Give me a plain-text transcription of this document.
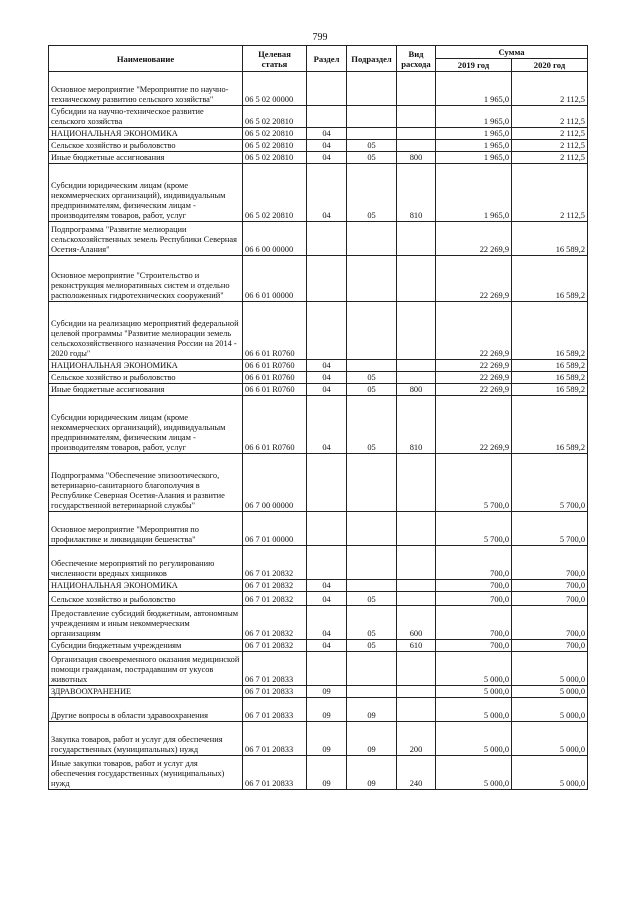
799
Наименование	Целевая статья	Раздел	Подраздел	Вид расхода	Сумма	
					2019 год	2020 год
Основное мероприятие "Мероприятие по научно-техническому развитию сельского хозяйства"	06 5 02 00000				1 965,0	2 112,5
Субсидии на научно-техническое развитие сельского хозяйства	06 5 02 20810				1 965,0	2 112,5
НАЦИОНАЛЬНАЯ ЭКОНОМИКА	06 5 02 20810	04			1 965,0	2 112,5
Сельское хозяйство и рыболовство	06 5 02 20810	04	05		1 965,0	2 112,5
Иные бюджетные ассигнования	06 5 02 20810	04	05	800	1 965,0	2 112,5
Субсидии юридическим лицам (кроме некоммерческих организаций), индивидуальным предпринимателям, физическим лицам - производителям товаров, работ, услуг	06 5 02 20810	04	05	810	1 965,0	2 112,5
Подпрограмма "Развитие мелиорации сельскохозяйственных земель Республики Северная Осетия-Алания"	06 6 00 00000				22 269,9	16 589,2
Основное мероприятие "Строительство и реконструкция мелиоративных систем и отдельно расположенных гидротехнических сооружений"	06 6 01 00000				22 269,9	16 589,2
Субсидии на реализацию мероприятий федеральной целевой программы "Развитие мелиорации земель сельскохозяйственного назначения России на 2014 - 2020 годы"	06 6 01 R0760				22 269,9	16 589,2
НАЦИОНАЛЬНАЯ ЭКОНОМИКА	06 6 01 R0760	04			22 269,9	16 589,2
Сельское хозяйство и рыболовство	06 6 01 R0760	04	05		22 269,9	16 589,2
Иные бюджетные ассигнования	06 6 01 R0760	04	05	800	22 269,9	16 589,2
Субсидии юридическим лицам (кроме некоммерческих организаций), индивидуальным предпринимателям, физическим лицам - производителям товаров, работ, услуг	06 6 01 R0760	04	05	810	22 269,9	16 589,2
Подпрограмма "Обеспечение эпизоотического, ветеринарно-санитарного благополучия в Республике Северная Осетия-Алания и развитие государственной ветеринарной службы"	06 7 00 00000				5 700,0	5 700,0
Основное мероприятие "Мероприятия по профилактике и ликвидации бешенства"	06 7 01 00000				5 700,0	5 700,0
Обеспечение мероприятий по регулированию численности вредных хищников	06 7 01 20832				700,0	700,0
НАЦИОНАЛЬНАЯ ЭКОНОМИКА	06 7 01 20832	04			700,0	700,0
Сельское хозяйство и рыболовство	06 7 01 20832	04	05		700,0	700,0
Предоставление субсидий бюджетным, автономным учреждениям и иным некоммерческим организациям	06 7 01 20832	04	05	600	700,0	700,0
Субсидии бюджетным учреждениям	06 7 01 20832	04	05	610	700,0	700,0
Организация своевременного оказания медицинской помощи гражданам, пострадавшим от укусов животных	06 7 01 20833				5 000,0	5 000,0
ЗДРАВООХРАНЕНИЕ	06 7 01 20833	09			5 000,0	5 000,0
Другие вопросы в области здравоохранения	06 7 01 20833	09	09		5 000,0	5 000,0
Закупка товаров, работ и услуг для обеспечения государственных (муниципальных) нужд	06 7 01 20833	09	09	200	5 000,0	5 000,0
Иные закупки товаров, работ и услуг для обеспечения государственных (муниципальных) нужд	06 7 01 20833	09	09	240	5 000,0	5 000,0
